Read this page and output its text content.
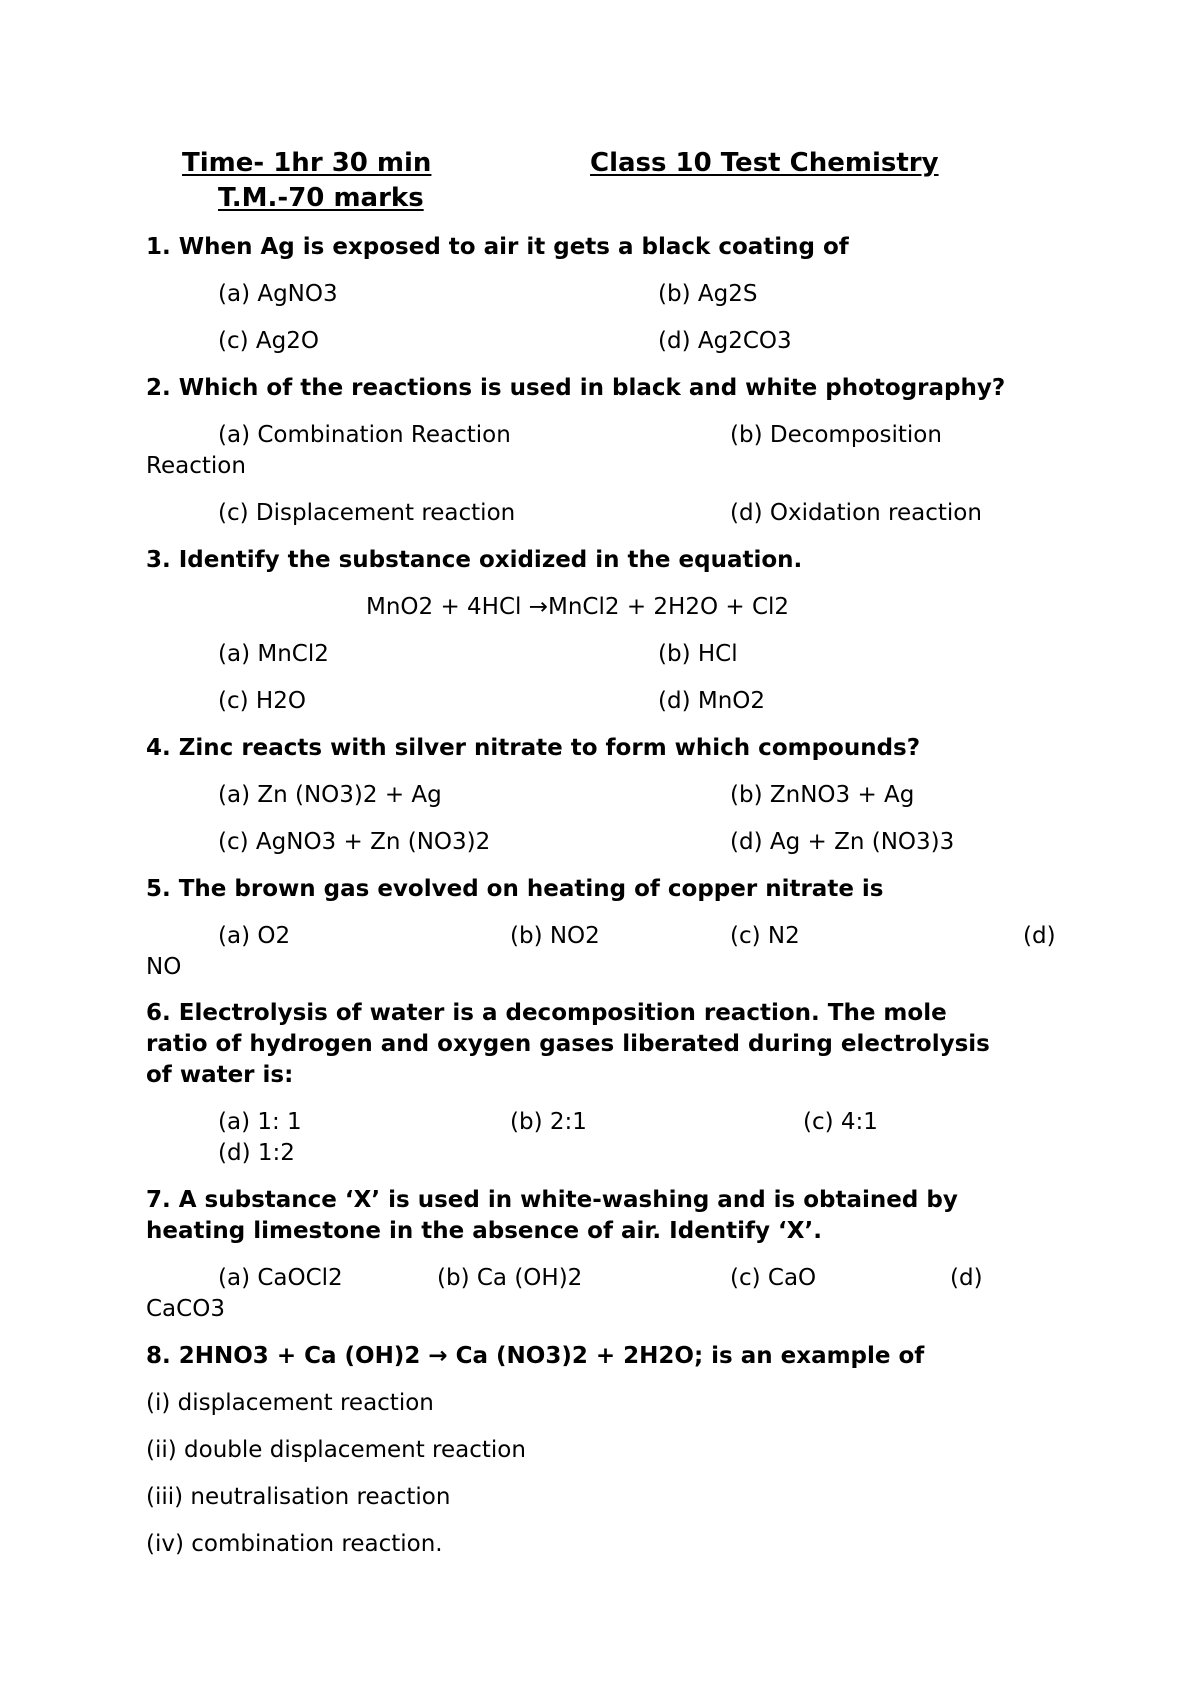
Time- 1hr 30 min	Class 10 Test Chemistry
T.M.-70 marks
1. When Ag is exposed to air it gets a black coating of
(a) AgNO3	(b) Ag2S
(c) Ag2O	(d) Ag2CO3
2. Which of the reactions is used in black and white photography?
(a) Combination Reaction	(b) Decomposition
Reaction
(c) Displacement reaction	(d) Oxidation reaction
3. Identify the substance oxidized in the equation.
MnO2 + 4HCl →MnCl2 + 2H2O + Cl2
(a) MnCl2	(b) HCl
(c) H2O	(d) MnO2
4. Zinc reacts with silver nitrate to form which compounds?
(a) Zn (NO3)2 + Ag	(b) ZnNO3 + Ag
(c) AgNO3 + Zn (NO3)2	(d) Ag + Zn (NO3)3
5. The brown gas evolved on heating of copper nitrate is
(a) O2	(b) NO2	(c) N2	(d)
NO
6. Electrolysis of water is a decomposition reaction. The mole
ratio of hydrogen and oxygen gases liberated during electrolysis
of water is:
(a) 1: 1	(b) 2:1	(c) 4:1
(d) 1:2
7. A substance ‘X’ is used in white-washing and is obtained by
heating limestone in the absence of air. Identify ‘X’.
(a) CaOCl2	(b) Ca (OH)2	(c) CaO	(d)
CaCO3
8. 2HNO3 + Ca (OH)2 → Ca (NO3)2 + 2H2O; is an example of
(i) displacement reaction
(ii) double displacement reaction
(iii) neutralisation reaction
(iv) combination reaction.
